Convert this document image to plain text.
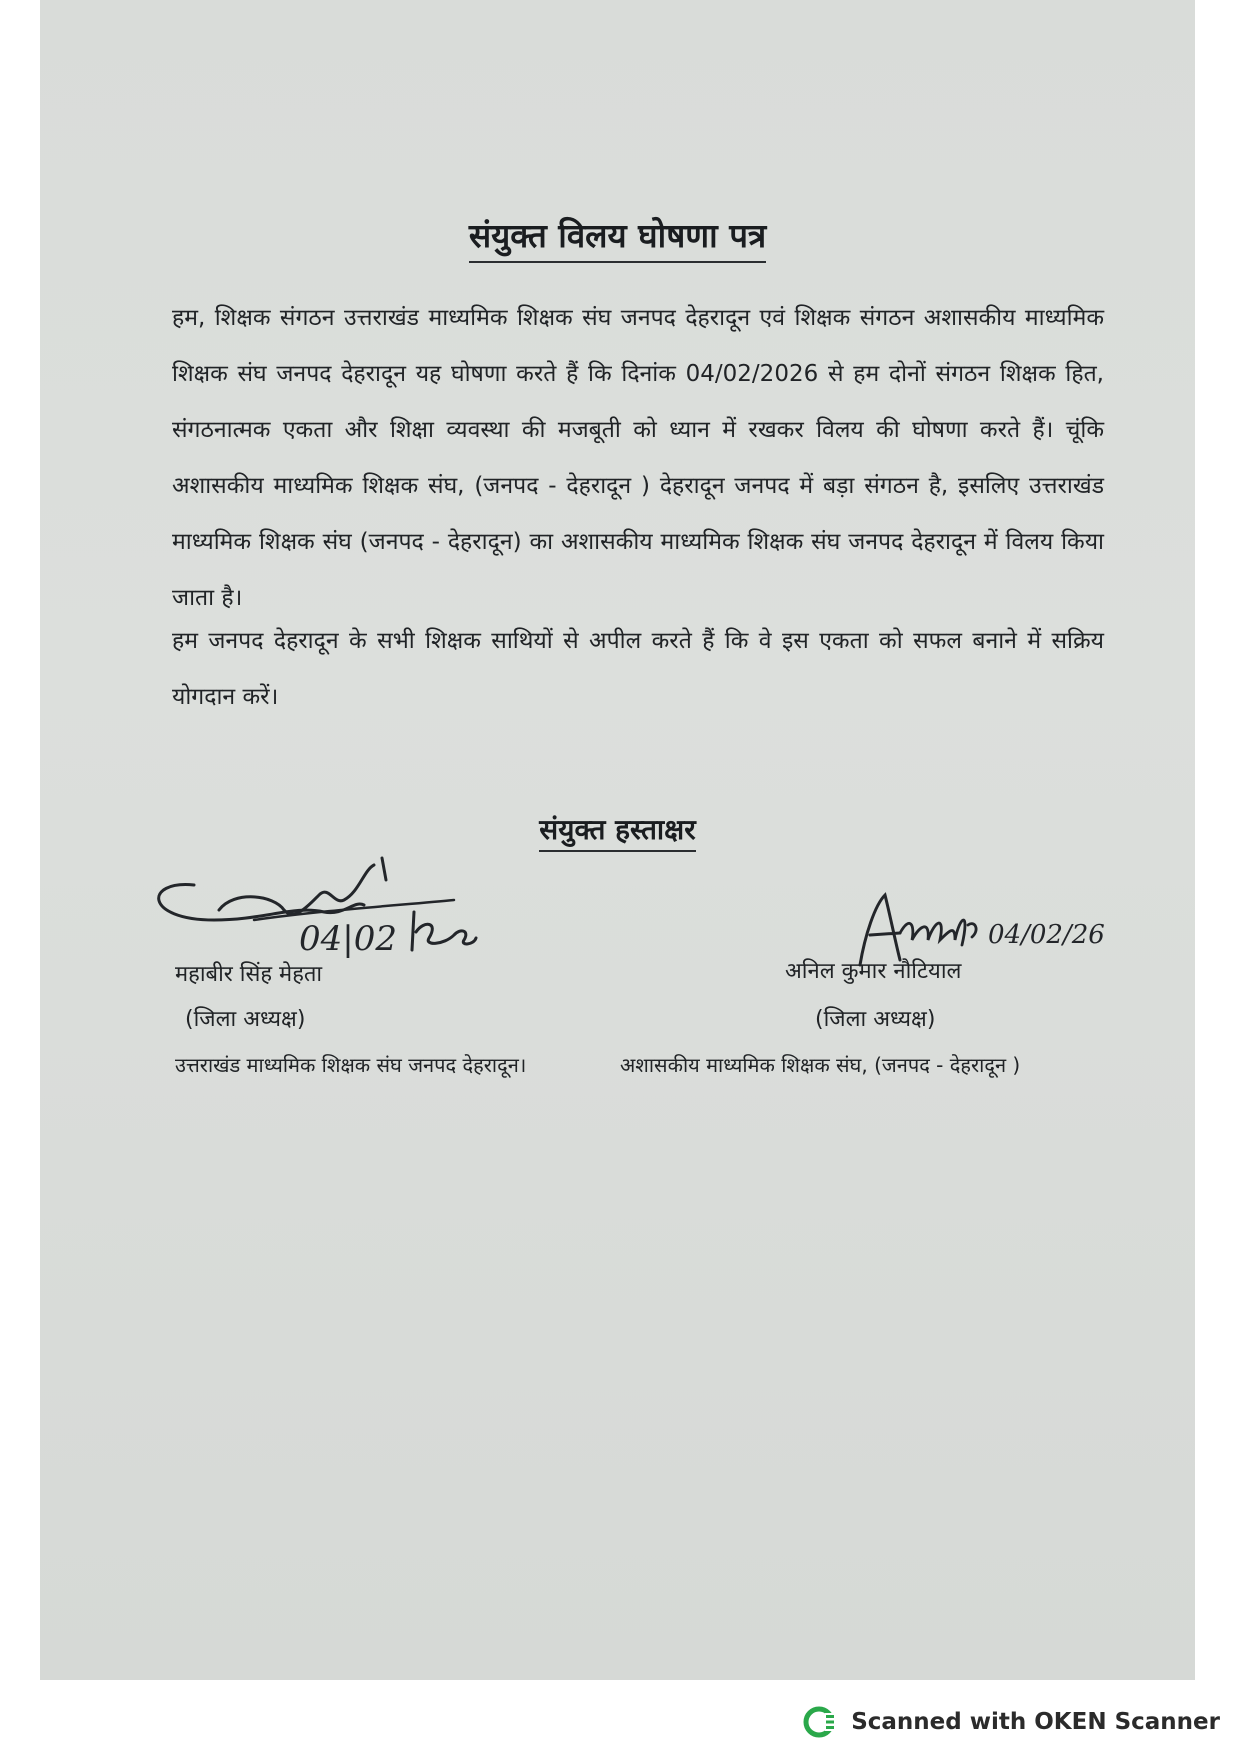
संयुक्त विलय घोषणा पत्र
हम, शिक्षक संगठन उत्तराखंड माध्यमिक शिक्षक संघ जनपद देहरादून एवं शिक्षक संगठन अशासकीय माध्यमिक शिक्षक संघ जनपद देहरादून यह घोषणा करते हैं कि दिनांक 04/02/2026 से हम दोनों संगठन शिक्षक हित, संगठनात्मक एकता और शिक्षा व्यवस्था की मजबूती को ध्यान में रखकर विलय की घोषणा करते हैं। चूंकि अशासकीय माध्यमिक शिक्षक संघ, (जनपद - देहरादून ) देहरादून जनपद में बड़ा संगठन है, इसलिए उत्तराखंड माध्यमिक शिक्षक संघ (जनपद - देहरादून) का अशासकीय माध्यमिक शिक्षक संघ जनपद देहरादून में विलय किया जाता है।
हम जनपद देहरादून के सभी शिक्षक साथियों से अपील करते हैं कि वे इस एकता को सफल बनाने में सक्रिय योगदान करें।
संयुक्त हस्ताक्षर
04|02	04/02/26
महाबीर सिंह मेहता
(जिला अध्यक्ष)
उत्तराखंड माध्यमिक शिक्षक संघ जनपद देहरादून।
अनिल कुमार नौटियाल
(जिला अध्यक्ष)
अशासकीय माध्यमिक शिक्षक संघ, (जनपद - देहरादून )
Scanned with OKEN Scanner
